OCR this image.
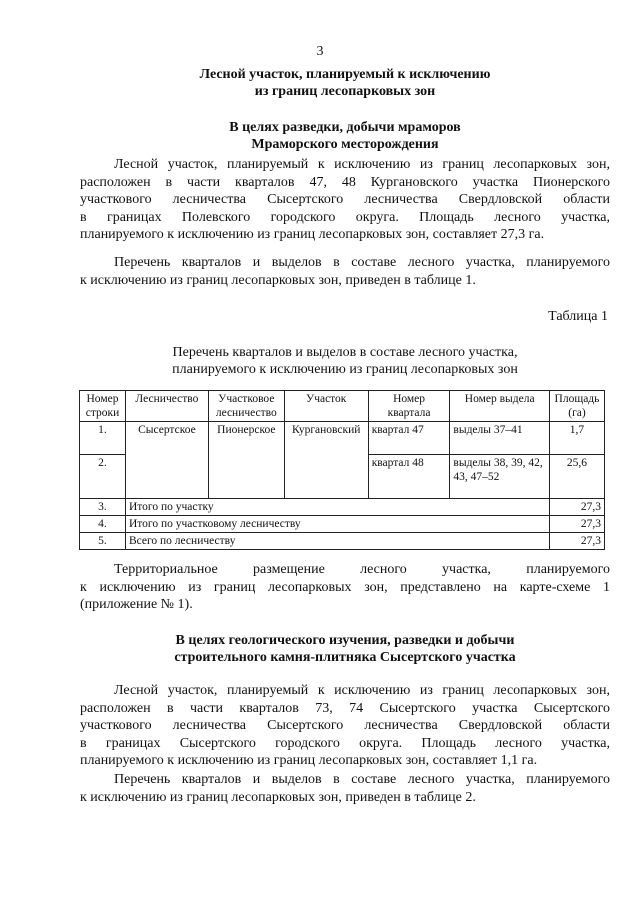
3
Лесной участок, планируемый к исключению
из границ лесопарковых зон
В целях разведки, добычи мраморов
Мраморского месторождения
Лесной участок, планируемый к исключению из границ лесопарковых зон,
расположен в части кварталов 47, 48 Кургановского участка Пионерского
участкового лесничества Сысертского лесничества Свердловской области
в границах Полевского городского округа. Площадь лесного участка,
планируемого к исключению из границ лесопарковых зон, составляет 27,3 га.
Перечень кварталов и выделов в составе лесного участка, планируемого
к исключению из границ лесопарковых зон, приведен в таблице 1.
Таблица 1
Перечень кварталов и выделов в составе лесного участка,
планируемого к исключению из границ лесопарковых зон
Номер строки	Лесничество	Участковое лесничество	Участок	Номер квартала	Номер выдела	Площадь (га)
1.	Сысертское	Пионерское	Кургановский	квартал 47	выделы 37–41	1,7
2.				квартал 48	выделы 38, 39, 42, 43, 47–52	25,6
3.	Итого по участку					27,3
4.	Итого по участковому лесничеству					27,3
5.	Всего по лесничеству					27,3
Территориальное размещение лесного участка, планируемого
к исключению из границ лесопарковых зон, представлено на карте-схеме 1
(приложение № 1).
В целях геологического изучения, разведки и добычи
строительного камня-плитняка Сысертского участка
Лесной участок, планируемый к исключению из границ лесопарковых зон,
расположен в части кварталов 73, 74 Сысертского участка Сысертского
участкового лесничества Сысертского лесничества Свердловской области
в границах Сысертского городского округа. Площадь лесного участка,
планируемого к исключению из границ лесопарковых зон, составляет 1,1 га.
Перечень кварталов и выделов в составе лесного участка, планируемого
к исключению из границ лесопарковых зон, приведен в таблице 2.
